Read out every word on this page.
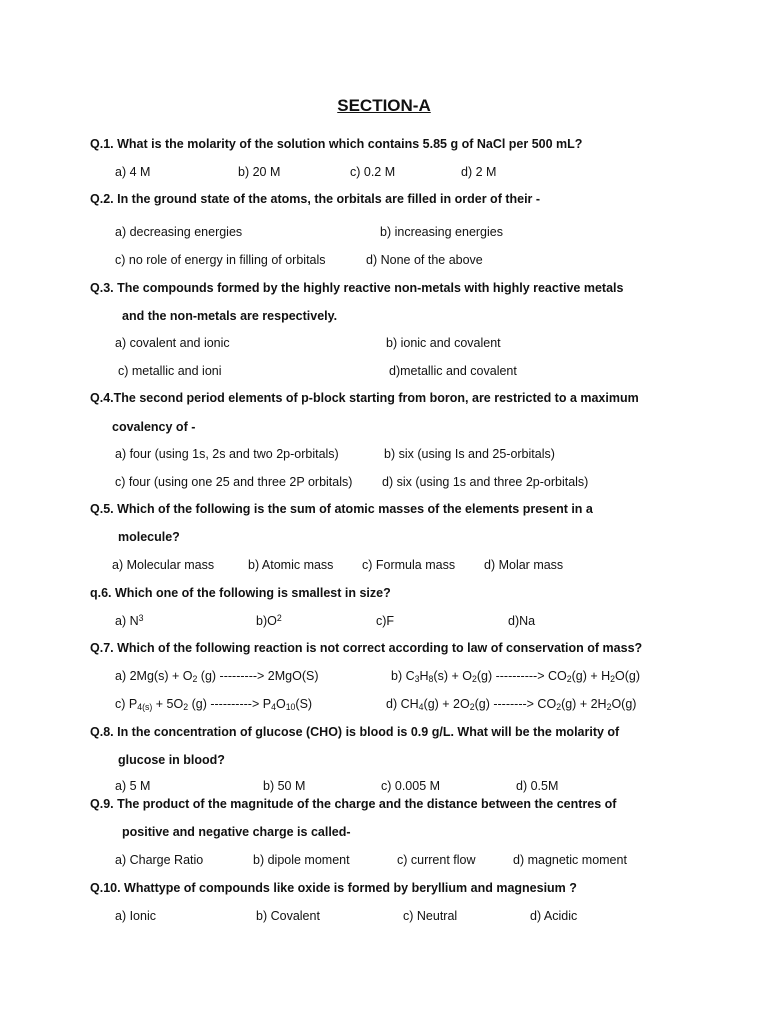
SECTION-A
Q.1. What is the molarity of the solution which contains 5.85 g of NaCl per 500 mL?
a) 4 M	b) 20 M	c) 0.2 M	d) 2 M
Q.2. In the ground state of the atoms, the orbitals are filled in order of their -
a) decreasing energies	b) increasing energies
c) no role of energy in filling of orbitals	d) None of the above
Q.3. The compounds formed by the highly reactive non-metals with highly reactive metals
and the non-metals are respectively.
a) covalent and ionic	b) ionic and covalent
c) metallic and ioni	d)metallic and covalent
Q.4.The second period elements of p-block starting from boron, are restricted to a maximum
covalency of -
a) four (using 1s, 2s and two 2p-orbitals)	b) six (using Is and 25-orbitals)
c) four (using one 25 and three 2P orbitals) d) six (using 1s and three 2p-orbitals)
Q.5. Which of the following is the sum of atomic masses of the elements present in a
molecule?
a) Molecular mass	b) Atomic mass c) Formula mass d) Molar mass
q.6. Which one of the following is smallest in size?
a) $N^3$	$b)O^2$	c)F	d)Na
Q.7. Which of the following reaction is not correct according to law of conservation of mass?
a) $2Mg(s) + O_2$ (g) ---------> 2MgO(S)	b) $C_3H_8(s) + O_2(g)$ ----------> $CO_2(g) + H_2O(g)$
c) $P_{4(s)} + 5O_2$ (g) ----------> $P_4O_{10}(S)$	d) $CH_4(g) + 2O_2(g)$ --------> $CO_2(g) + 2H_2O(g)$
Q.8. In the concentration of glucose (CHO) is blood is 0.9 g/L. What will be the molarity of
glucose in blood?
a) 5 M	b) 50 M	c) 0.005 M	d) 0.5M
Q.9. The product of the magnitude of the charge and the distance between the centres of
positive and negative charge is called-
a) Charge Ratio	b) dipole moment	c) current flow	d) magnetic moment
Q.10. Whattype of compounds like oxide is formed by beryllium and magnesium ?
a) Ionic	b) Covalent	c) Neutral	d) Acidic
